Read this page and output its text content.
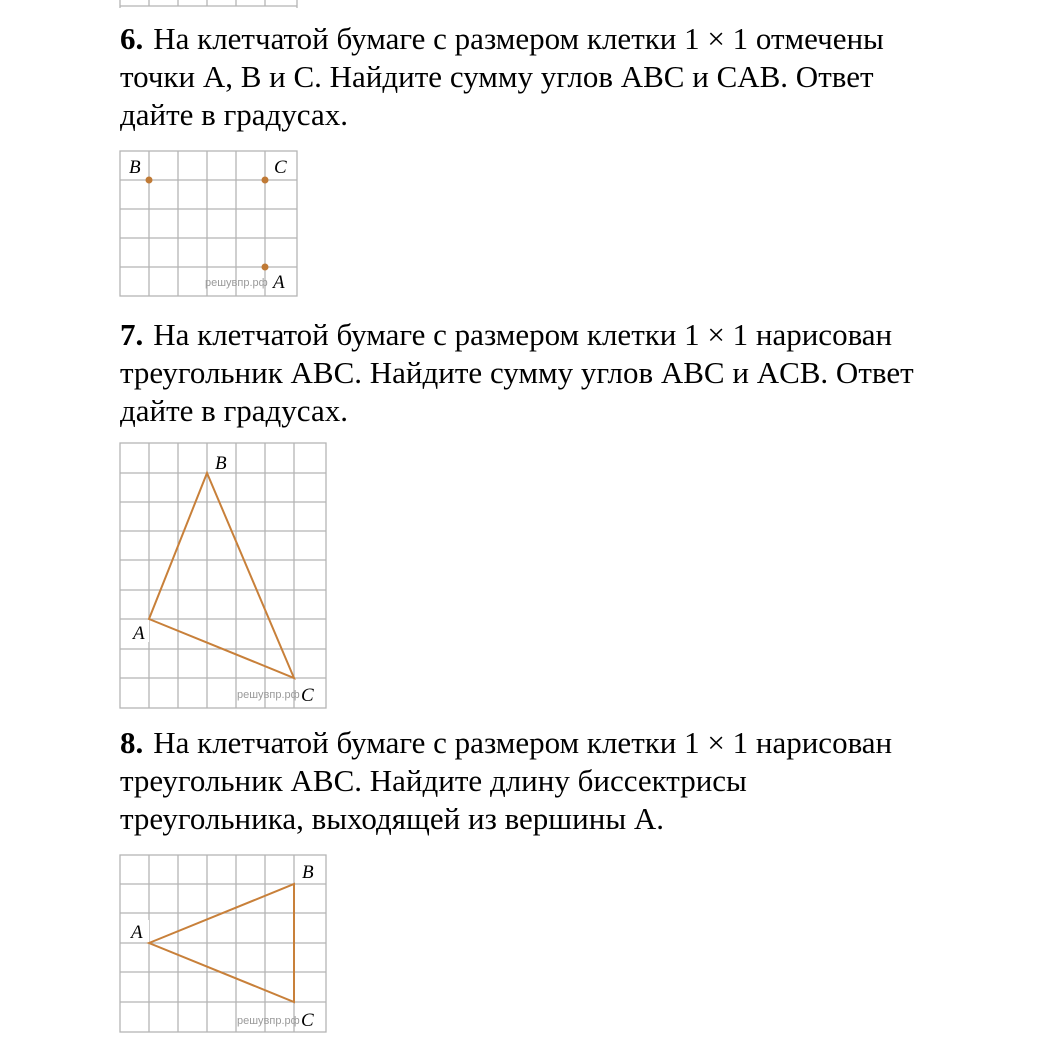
6. На клетчатой бумаге с размером клетки 1 × 1 отмечены
точки A, B и C. Найдите сумму углов ABC и CAB. Ответ
дайте в градусах.
B	C
решувпр.рф A
7. На клетчатой бумаге с размером клетки 1 × 1 нарисован
треугольник ABC. Найдите сумму углов ABC и ACB. Ответ
дайте в градусах.
B
A
решувпр.рф C
8. На клетчатой бумаге с размером клетки 1 × 1 нарисован
треугольник ABC. Найдите длину биссектрисы
треугольника, выходящей из вершины A.
B
A
решувпр.рф C
